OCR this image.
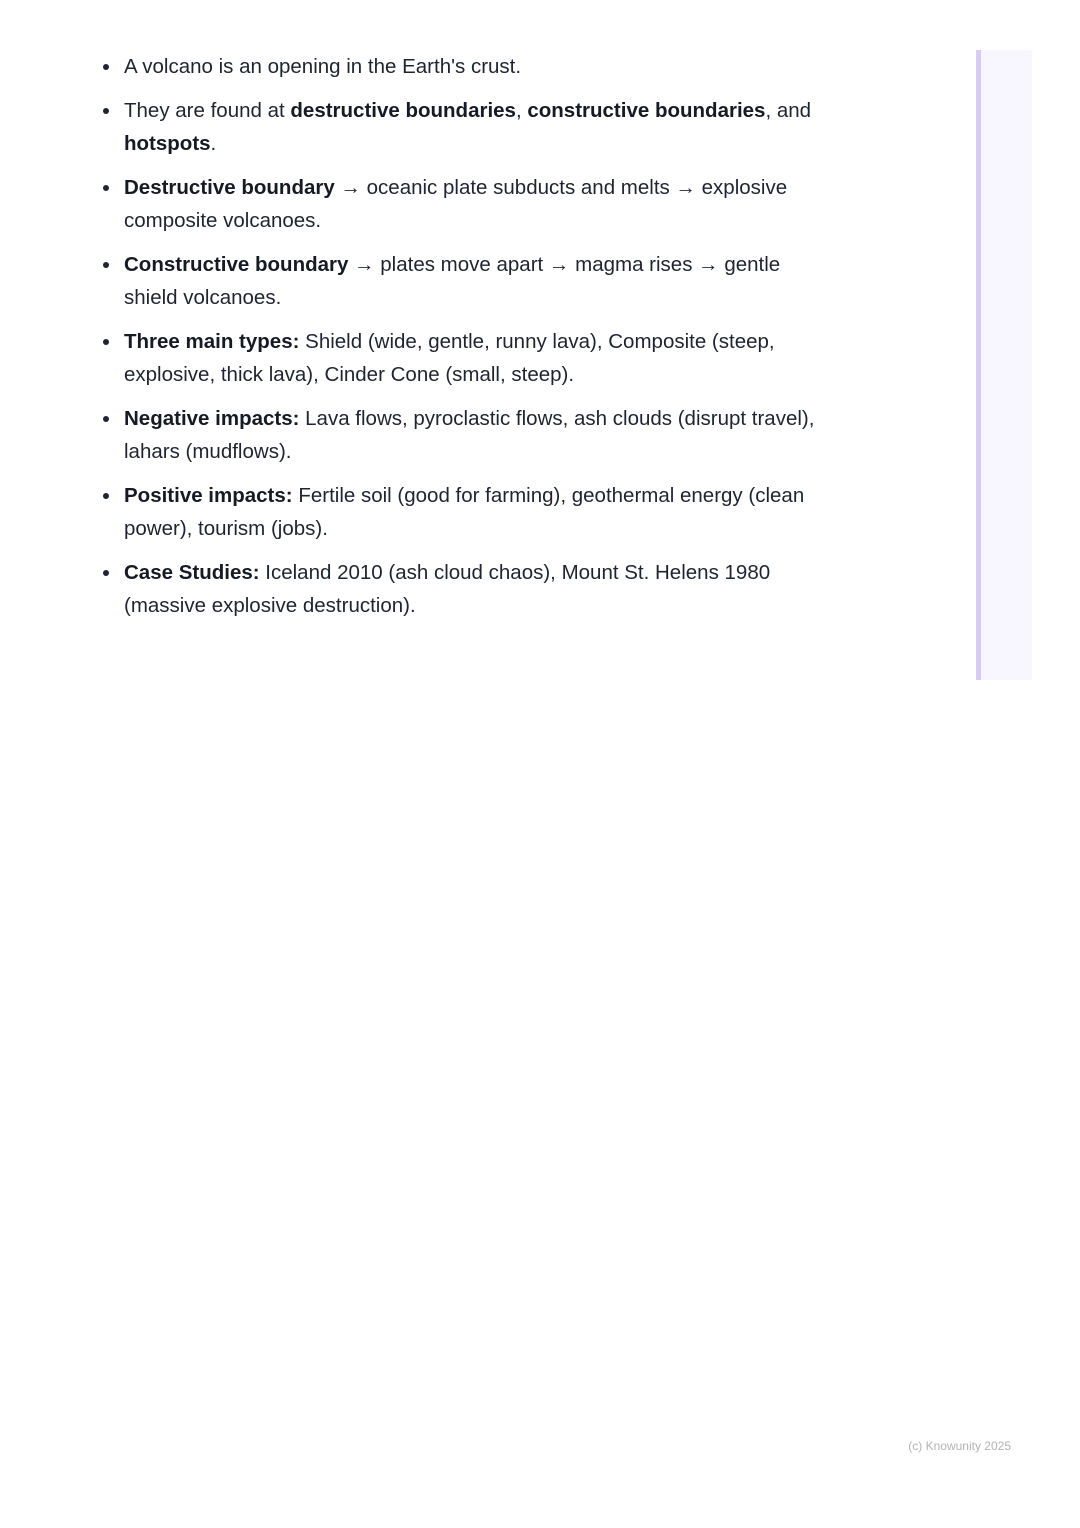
A volcano is an opening in the Earth's crust.
They are found at destructive boundaries, constructive boundaries, and hotspots.
Destructive boundary → oceanic plate subducts and melts → explosive composite volcanoes.
Constructive boundary → plates move apart → magma rises → gentle shield volcanoes.
Three main types: Shield (wide, gentle, runny lava), Composite (steep, explosive, thick lava), Cinder Cone (small, steep).
Negative impacts: Lava flows, pyroclastic flows, ash clouds (disrupt travel), lahars (mudflows).
Positive impacts: Fertile soil (good for farming), geothermal energy (clean power), tourism (jobs).
Case Studies: Iceland 2010 (ash cloud chaos), Mount St. Helens 1980 (massive explosive destruction).
(c) Knowunity 2025
